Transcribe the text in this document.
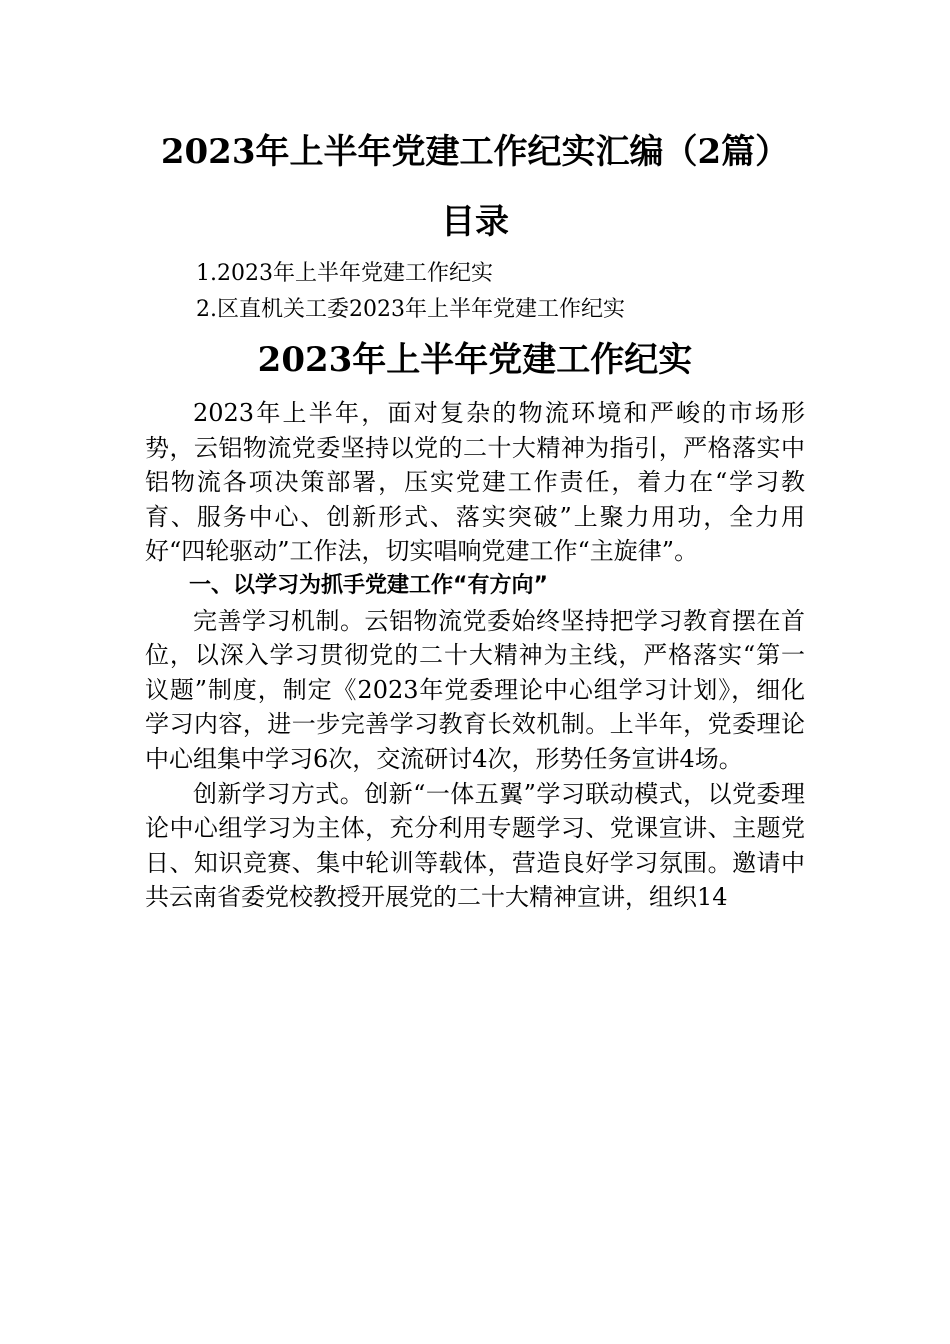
2023年上半年党建工作纪实汇编（2篇）
目录
1.2023年上半年党建工作纪实
2.区直机关工委2023年上半年党建工作纪实
2023年上半年党建工作纪实

2023年上半年，面对复杂的物流环境和严峻的市场形势，云铝物流党委坚持以党的二十大精神为指引，严格落实中铝物流各项决策部署，压实党建工作责任，着力在“学习教育、服务中心、创新形式、落实突破”上聚力用功，全力用好“四轮驱动”工作法，切实唱响党建工作“主旋律”。

一、以学习为抓手党建工作“有方向”

完善学习机制。云铝物流党委始终坚持把学习教育摆在首位，以深入学习贯彻党的二十大精神为主线，严格落实“第一议题”制度，制定《2023年党委理论中心组学习计划》，细化学习内容，进一步完善学习教育长效机制。上半年，党委理论中心组集中学习6次，交流研讨4次，形势任务宣讲4场。

创新学习方式。创新“一体五翼”学习联动模式，以党委理论中心组学习为主体，充分利用专题学习、党课宣讲、主题党日、知识竞赛、集中轮训等载体，营造良好学习氛围。邀请中共云南省委党校教授开展党的二十大精神宣讲，组织14
